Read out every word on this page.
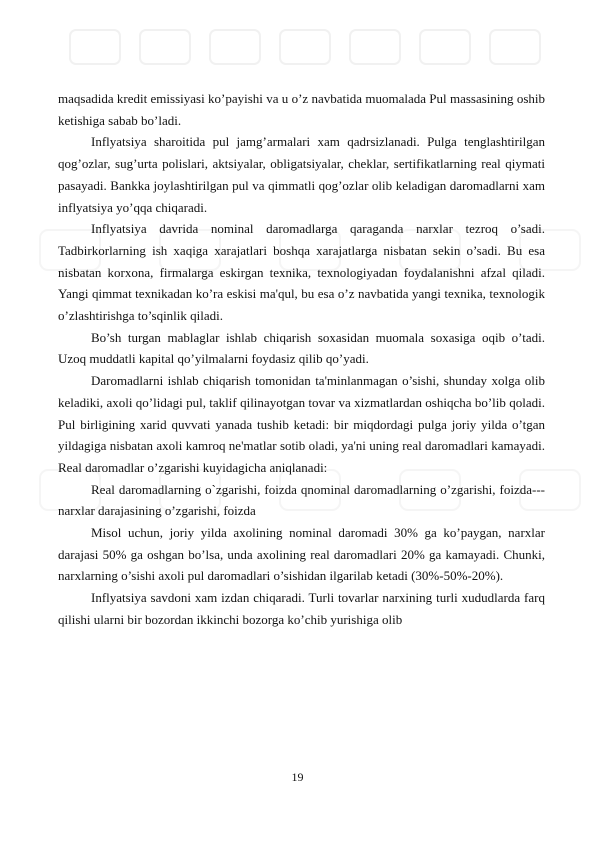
maqsadida kredit emissiyasi ko’payishi va u o’z navbatida muomalada Pul massasining oshib ketishiga sabab bo’ladi.

Inflyatsiya sharoitida pul jamg’armalari xam qadrsizlanadi. Pulga tenglashtirilgan qog’ozlar, sug’urta polislari, aktsiyalar, obligatsiyalar, cheklar, sertifikatlarning real qiymati pasayadi. Bankka joylashtirilgan pul va qimmatli qog’ozlar olib keladigan daromadlarni xam inflyatsiya yo’qqa chiqaradi.

Inflyatsiya davrida nominal daromadlarga qaraganda narxlar tezroq o’sadi. Tadbirkorlarning ish xaqiga xarajatlari boshqa xarajatlarga nisbatan sekin o’sadi. Bu esa nisbatan korxona, firmalarga eskirgan texnika, texnologiyadan foydalanishni afzal qiladi. Yangi qimmat texnikadan ko’ra eskisi ma'qul, bu esa o’z navbatida yangi texnika, texnologik o’zlashtirishga to’sqinlik qiladi.

Bo’sh turgan mablaglar ishlab chiqarish soxasidan muomala soxasiga oqib o’tadi. Uzoq muddatli kapital qo’yilmalarni foydasiz qilib qo’yadi.

Daromadlarni ishlab chiqarish tomonidan ta'minlanmagan o’sishi, shunday xolga olib keladiki, axoli qo’lidagi pul, taklif qilinayotgan tovar va xizmatlardan oshiqcha bo’lib qoladi. Pul birligining xarid quvvati yanada tushib ketadi: bir miqdordagi pulga joriy yilda o’tgan yildagiga nisbatan axoli kamroq ne'matlar sotib oladi, ya'ni uning real daromadlari kamayadi. Real daromadlar o’zgarishi kuyidagicha aniqlanadi:

Real daromadlarning o`zgarishi, foizda qnominal daromadlarning o’zgarishi, foizda---narxlar darajasining o’zgarishi, foizda

Misol uchun, joriy yilda axolining nominal daromadi 30% ga ko’paygan, narxlar darajasi 50% ga oshgan bo’lsa, unda axolining real daromadlari 20% ga kamayadi. Chunki, narxlarning o’sishi axoli pul daromadlari o’sishidan ilgarilab ketadi (30%-50%-20%).

Inflyatsiya savdoni xam izdan chiqaradi. Turli tovarlar narxining turli xududlarda farq qilishi ularni bir bozordan ikkinchi bozorga ko’chib yurishiga olib

19
